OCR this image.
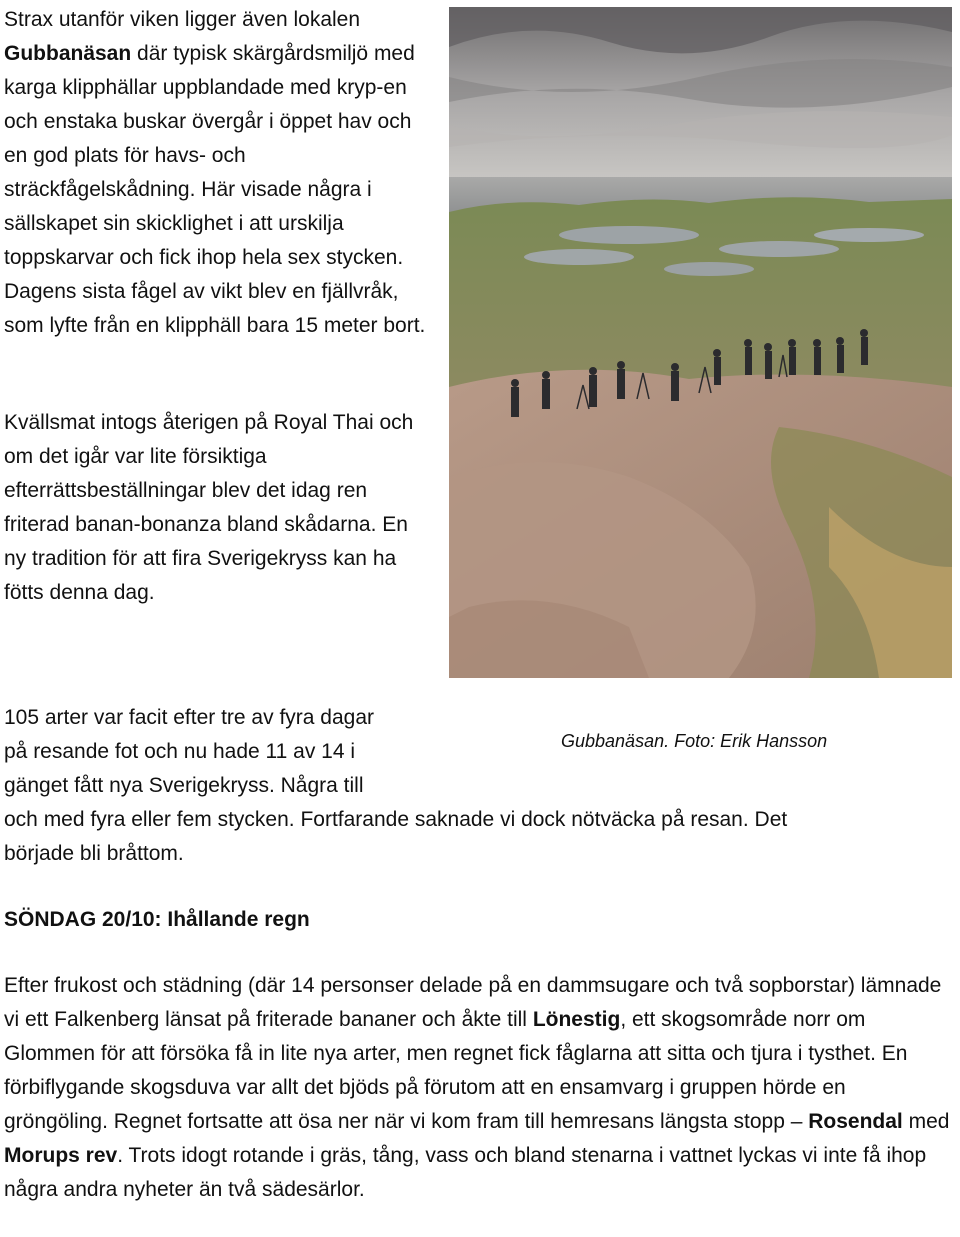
Strax utanför viken ligger även lokalen Gubbanäsan där typisk skärgårdsmiljö med karga klipphällar uppblandade med kryp-en och enstaka buskar övergår i öppet hav och en god plats för havs- och sträckfågelskådning. Här visade några i sällskapet sin skicklighet i att urskilja toppskarvar och fick ihop hela sex stycken. Dagens sista fågel av vikt blev en fjällvråk, som lyfte från en klipphäll bara 15 meter bort.

Kvällsmat intogs återigen på Royal Thai och om det igår var lite försiktiga efterrättsbeställningar blev det idag ren friterad banan-bonanza bland skådarna. En ny tradition för att fira Sverigekryss kan ha fötts denna dag.

Gubbanäsan. Foto: Erik Hansson

105 arter var facit efter tre av fyra dagar
på resande fot och nu hade 11 av 14 i
gänget fått nya Sverigekryss. Några till
och med fyra eller fem stycken. Fortfarande saknade vi dock nötväcka på resan. Det
började bli bråttom.

SÖNDAG 20/10: Ihållande regn

Efter frukost och städning (där 14 personser delade på en dammsugare och två sopborstar) lämnade vi ett Falkenberg länsat på friterade bananer och åkte till Lönestig, ett skogsområde norr om Glommen för att försöka få in lite nya arter, men regnet fick fåglarna att sitta och tjura i tysthet. En förbiflygande skogsduva var allt det bjöds på förutom att en ensamvarg i gruppen hörde en gröngöling. Regnet fortsatte att ösa ner när vi kom fram till hemresans längsta stopp – Rosendal med Morups rev. Trots idogt rotande i gräs, tång, vass och bland stenarna i vattnet lyckas vi inte få ihop några andra nyheter än två sädesärlor.
